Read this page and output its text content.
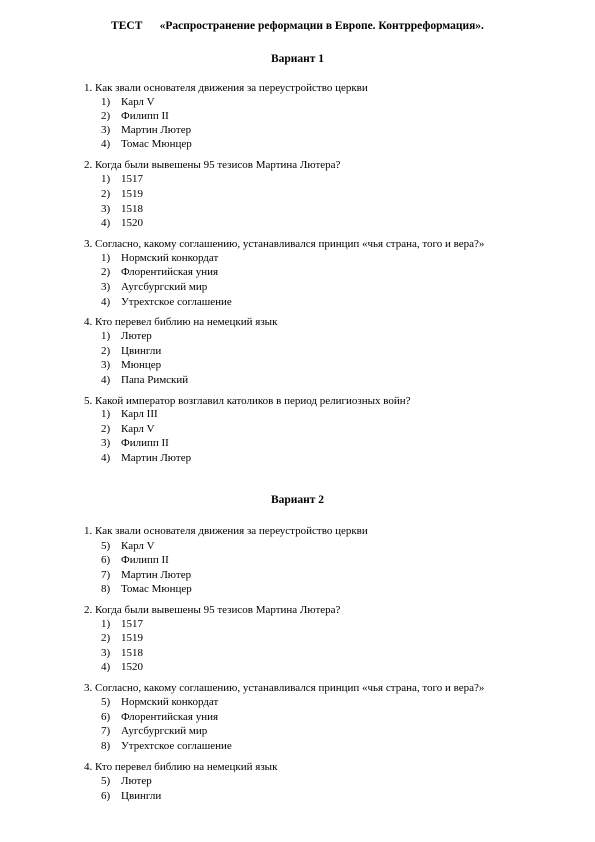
ТЕСТ      «Распространение реформации в Европе. Контрреформация».
Вариант 1
1. Как звали основателя движения за переустройство церкви
1) Карл V
2) Филипп II
3) Мартин Лютер
4) Томас Мюнцер
2. Когда были вывешены 95 тезисов Мартина Лютера?
1) 1517
2) 1519
3) 1518
4) 1520
3. Согласно, какому соглашению, устанавливался принцип «чья страна, того и вера?»
1) Нормский конкордат
2) Флорентийская уния
3) Аугсбургский мир
4) Утрехтское соглашение
4. Кто перевел библию на немецкий язык
1) Лютер
2) Цвингли
3) Мюнцер
4) Папа Римский
5. Какой император возглавил католиков в период религиозных войн?
1) Карл III
2) Карл V
3) Филипп II
4) Мартин Лютер
Вариант 2
1. Как звали основателя движения за переустройство церкви
5) Карл V
6) Филипп II
7) Мартин Лютер
8) Томас Мюнцер
2. Когда были вывешены 95 тезисов Мартина Лютера?
1) 1517
2) 1519
3) 1518
4) 1520
3. Согласно, какому соглашению, устанавливался принцип «чья страна, того и вера?»
5) Нормский конкордат
6) Флорентийская уния
7) Аугсбургский мир
8) Утрехтское соглашение
4. Кто перевел библию на немецкий язык
5) Лютер
6) Цвингли
